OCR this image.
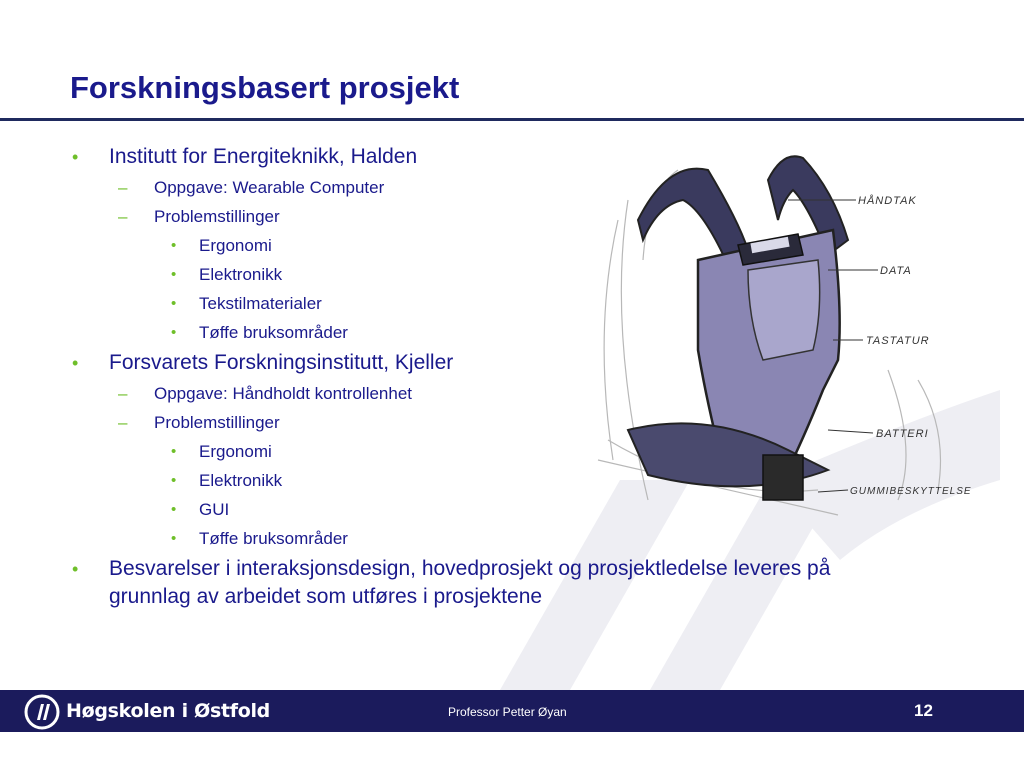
Forskningsbasert prosjekt
• Institutt for Energiteknikk, Halden
– Oppgave: Wearable Computer
– Problemstillinger
• Ergonomi
• Elektronikk
• Tekstilmaterialer
• Tøffe bruksområder
• Forsvarets Forskningsinstitutt, Kjeller
– Oppgave: Håndholdt kontrollenhet
– Problemstillinger
• Ergonomi
• Elektronikk
• GUI
• Tøffe bruksområder
• Besvarelser i interaksjonsdesign, hovedprosjekt og prosjektledelse leveres på grunnlag av arbeidet som utføres i prosjektene
HÅNDTAK
DATA
TASTATUR
BATTERI
GUMMIBESKYTTELSE
Høgskolen i Østfold	Professor Petter Øyan	12
